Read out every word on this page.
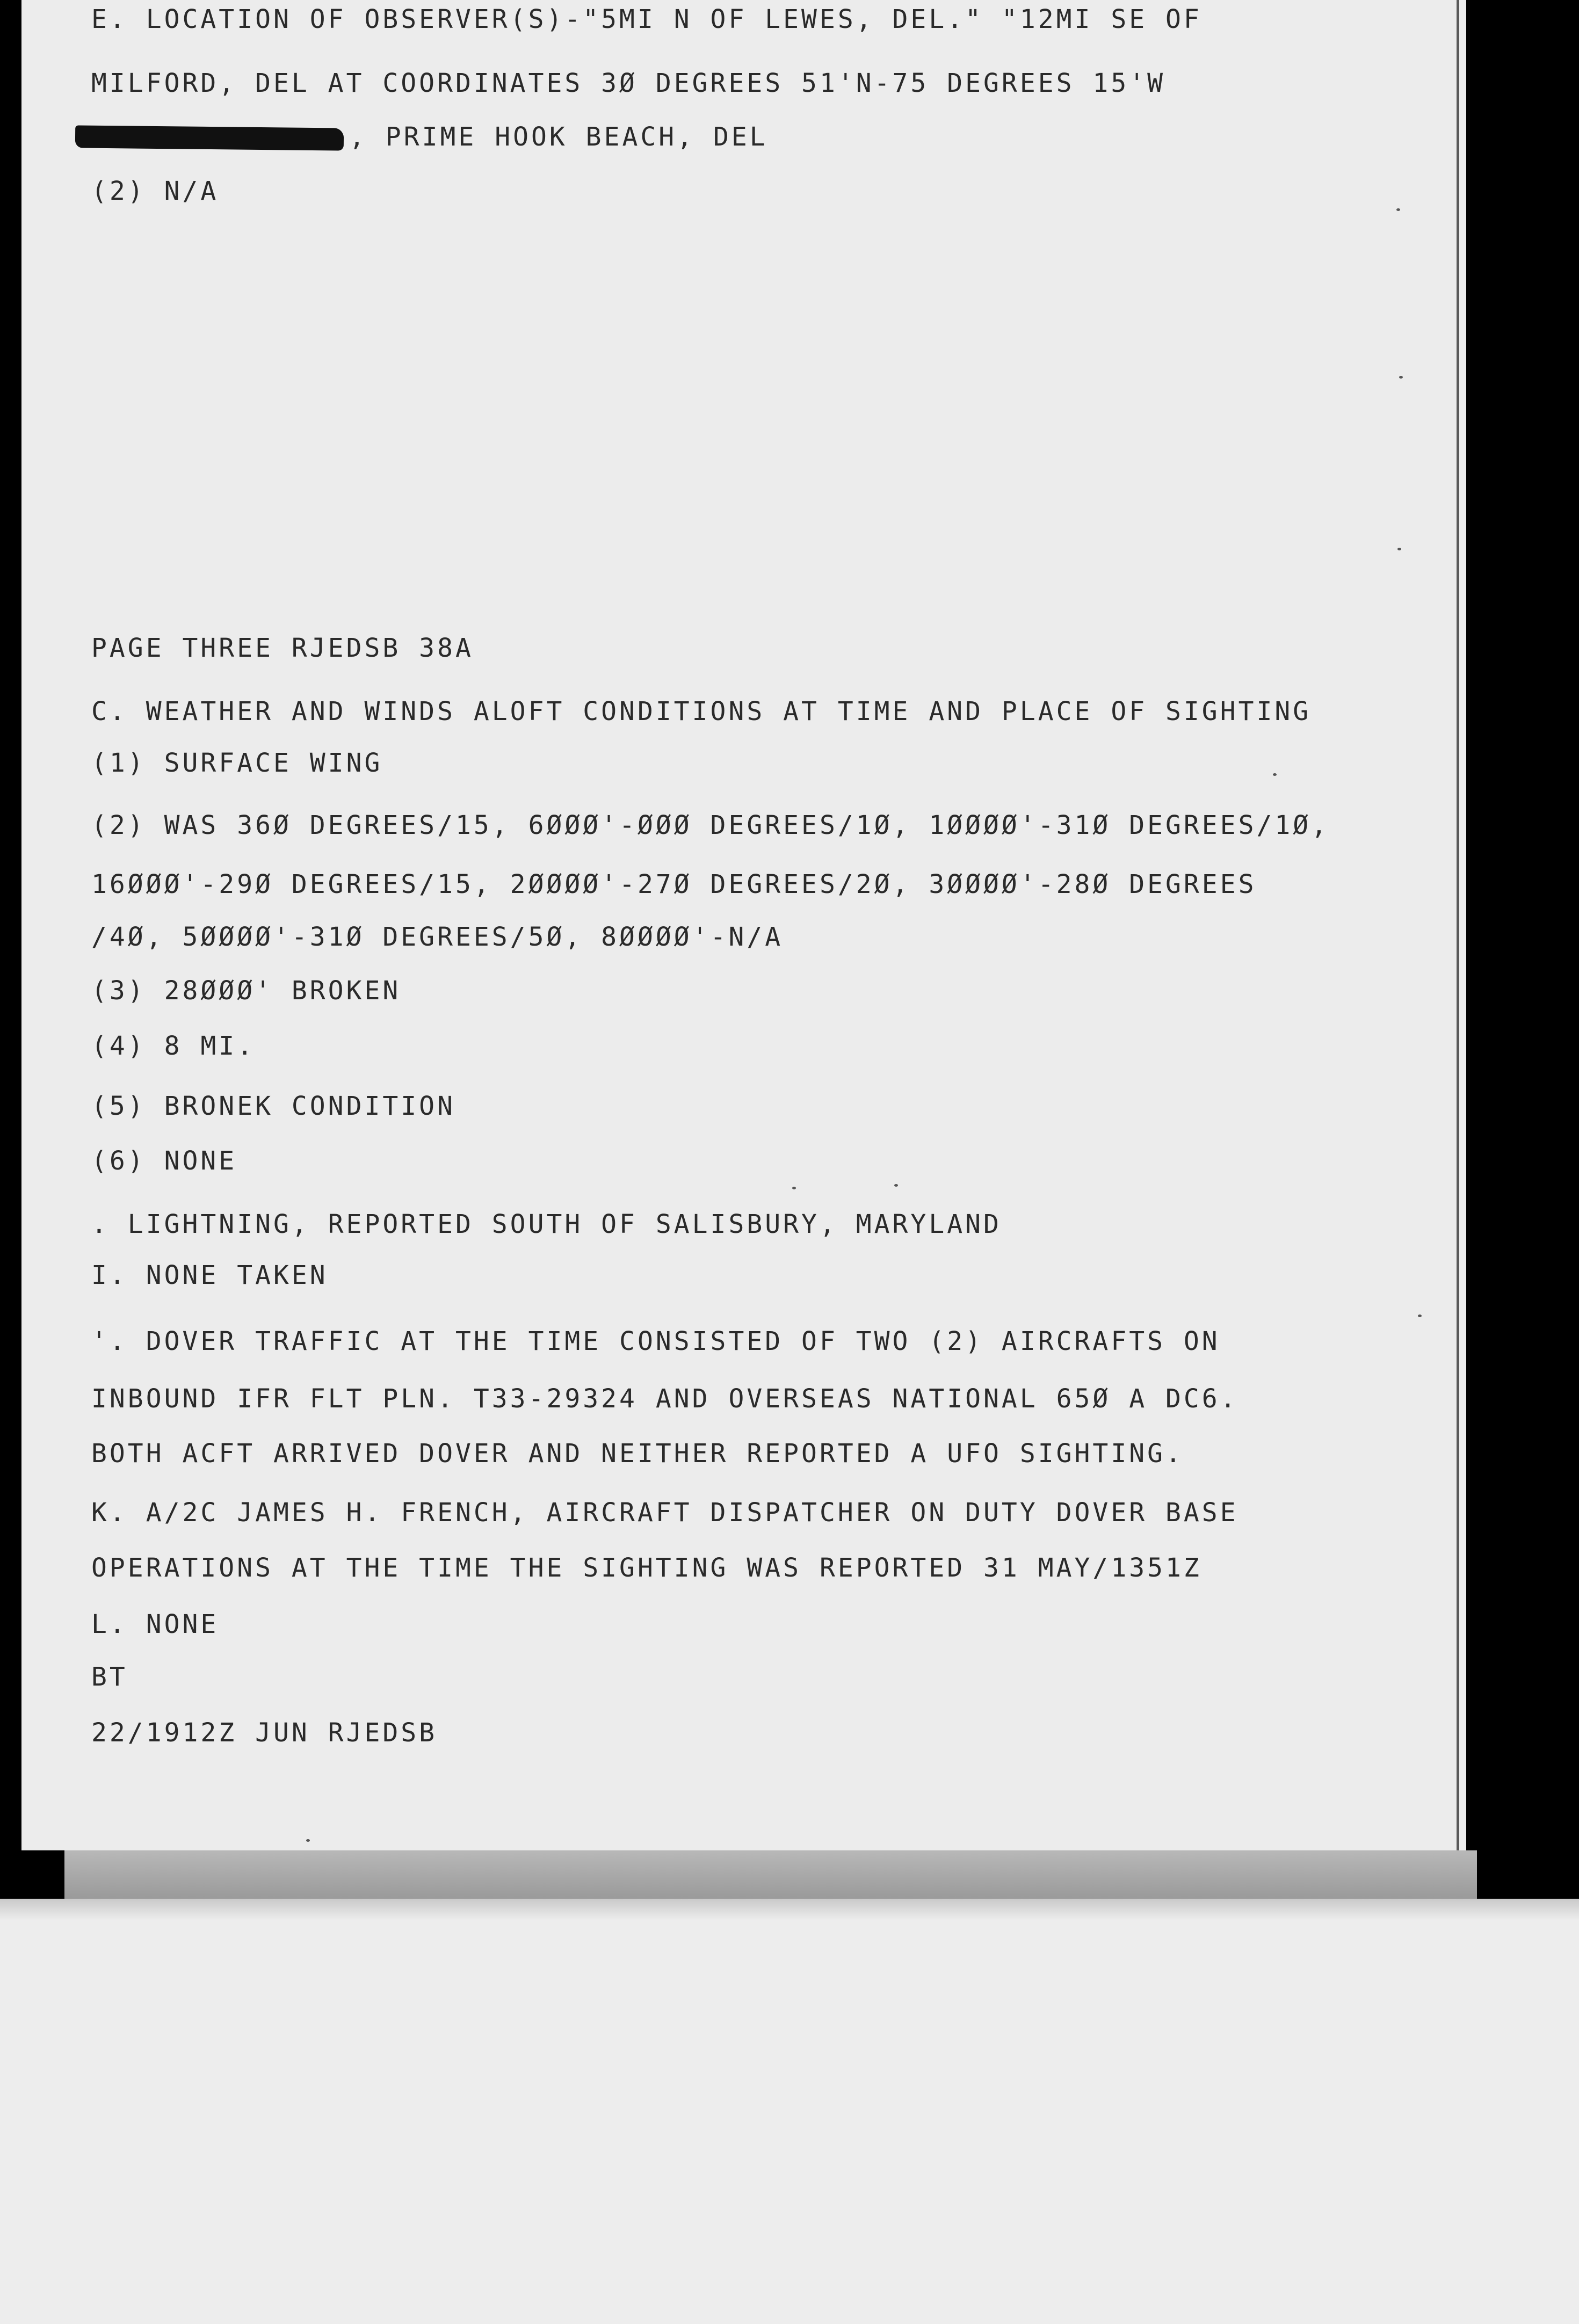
E. LOCATION OF OBSERVER(S)-"5MI N OF LEWES, DEL." "12MI SE OF

MILFORD, DEL AT COORDINATES 3Ø DEGREES 51'N-75 DEGREES 15'W

, PRIME HOOK BEACH, DEL

(2) N/A

PAGE THREE RJEDSB 38A

C. WEATHER AND WINDS ALOFT CONDITIONS AT TIME AND PLACE OF SIGHTING

(1) SURFACE WING

(2) WAS 36Ø DEGREES/15, 6ØØØ'-ØØØ DEGREES/1Ø, 1ØØØØ'-31Ø DEGREES/1Ø,

16ØØØ'-29Ø DEGREES/15, 2ØØØØ'-27Ø DEGREES/2Ø, 3ØØØØ'-28Ø DEGREES

/4Ø, 5ØØØØ'-31Ø DEGREES/5Ø, 8ØØØØ'-N/A

(3) 28ØØØ' BROKEN

(4) 8 MI.

(5) BRONEK CONDITION

(6) NONE

. LIGHTNING, REPORTED SOUTH OF SALISBURY, MARYLAND

I. NONE TAKEN

'. DOVER TRAFFIC AT THE TIME CONSISTED OF TWO (2) AIRCRAFTS ON

INBOUND IFR FLT PLN. T33-29324 AND OVERSEAS NATIONAL 65Ø A DC6.

BOTH ACFT ARRIVED DOVER AND NEITHER REPORTED A UFO SIGHTING.

K. A/2C JAMES H. FRENCH, AIRCRAFT DISPATCHER ON DUTY DOVER BASE

OPERATIONS AT THE TIME THE SIGHTING WAS REPORTED 31 MAY/1351Z

L. NONE

BT

22/1912Z JUN RJEDSB
